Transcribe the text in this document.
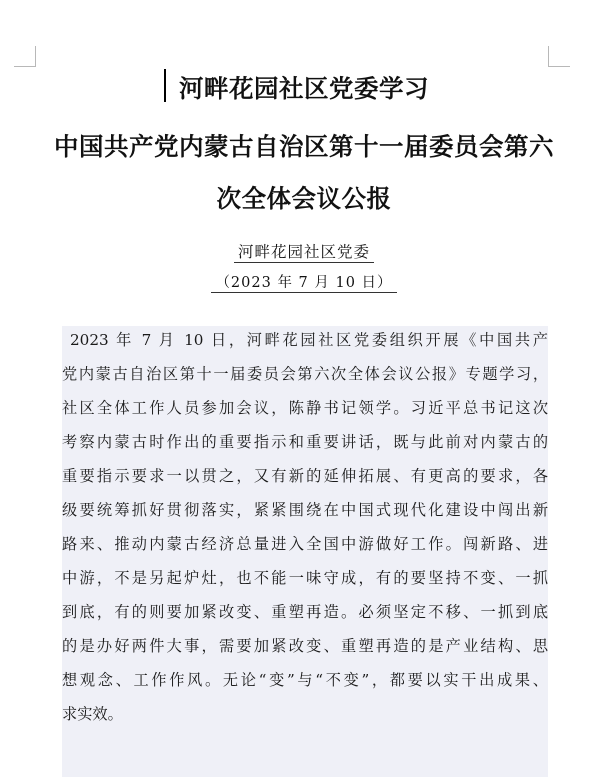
河畔花园社区党委学习
中国共产党内蒙古自治区第十一届委员会第六
次全体会议公报
河畔花园社区党委
（2023 年 7 月 10 日）
2023 年 7 月 10 日，河畔花园社区党委组织开展《中国共产
党内蒙古自治区第十一届委员会第六次全体会议公报》专题学习，
社区全体工作人员参加会议，陈静书记领学。习近平总书记这次
考察内蒙古时作出的重要指示和重要讲话，既与此前对内蒙古的
重要指示要求一以贯之，又有新的延伸拓展、有更高的要求，各
级要统筹抓好贯彻落实，紧紧围绕在中国式现代化建设中闯出新
路来、推动内蒙古经济总量进入全国中游做好工作。闯新路、进
中游，不是另起炉灶，也不能一味守成，有的要坚持不变、一抓
到底，有的则要加紧改变、重塑再造。必须坚定不移、一抓到底
的是办好两件大事，需要加紧改变、重塑再造的是产业结构、思
想观念、工作作风。无论“变”与“不变”，都要以实干出成果、
求实效。
